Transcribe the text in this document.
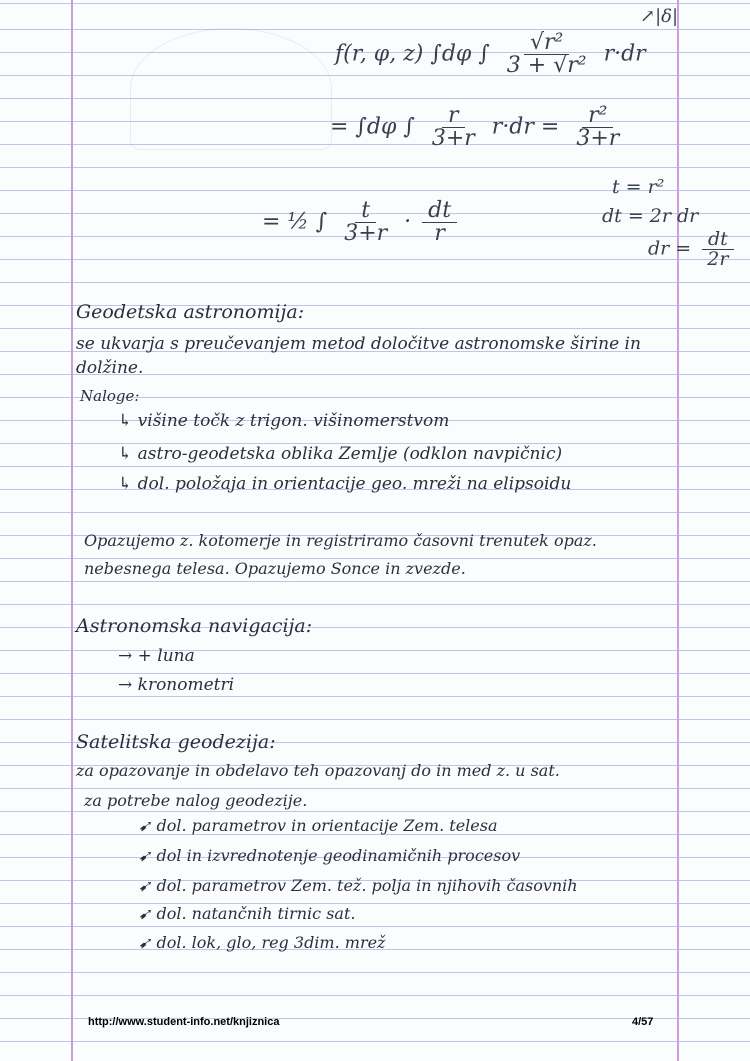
f(r, φ, z) ∫dφ ∫ $\frac{\text{√r²}}{\text{3 + √r²}} r\cdot dr$
↗|δ|
= ∫dφ ∫ $\frac{r}{3+r} r\cdot dr = \frac{\text{r²}}{3+r}$
t = r²
dt = 2r dr
dr = $\frac{dt}{2r}$
= ½ ∫ $\frac{t}{3+r} \cdot \frac{dt}{r}$
Geodetska astronomija:
se ukvarja s preučevanjem metod določitve astronomske širine in
dolžine.
Naloge:
↳ višine točk z trigon. višinomerstvom
↳ astro-geodetska oblika Zemlje (odklon navpičnic)
↳ dol. položaja in orientacije geo. mreži na elipsoidu
Opazujemo z. kotomerje in registriramo časovni trenutek opaz.
nebesnega telesa. Opazujemo Sonce in zvezde.
Astronomska navigacija:
→ + luna
→ kronometri
Satelitska geodezija:
za opazovanje in obdelavo teh opazovanj do in med z. u sat.
za potrebe nalog geodezije.
➹ dol. parametrov in orientacije Zem. telesa
➹ dol in izvrednotenje geodinamičnih procesov
➹ dol. parametrov Zem. tež. polja in njihovih časovnih
➹ dol. natančnih tirnic sat.
➹ dol. lok, glo, reg 3dim. mrež
http://www.student-info.net/knjiznica	4/57
